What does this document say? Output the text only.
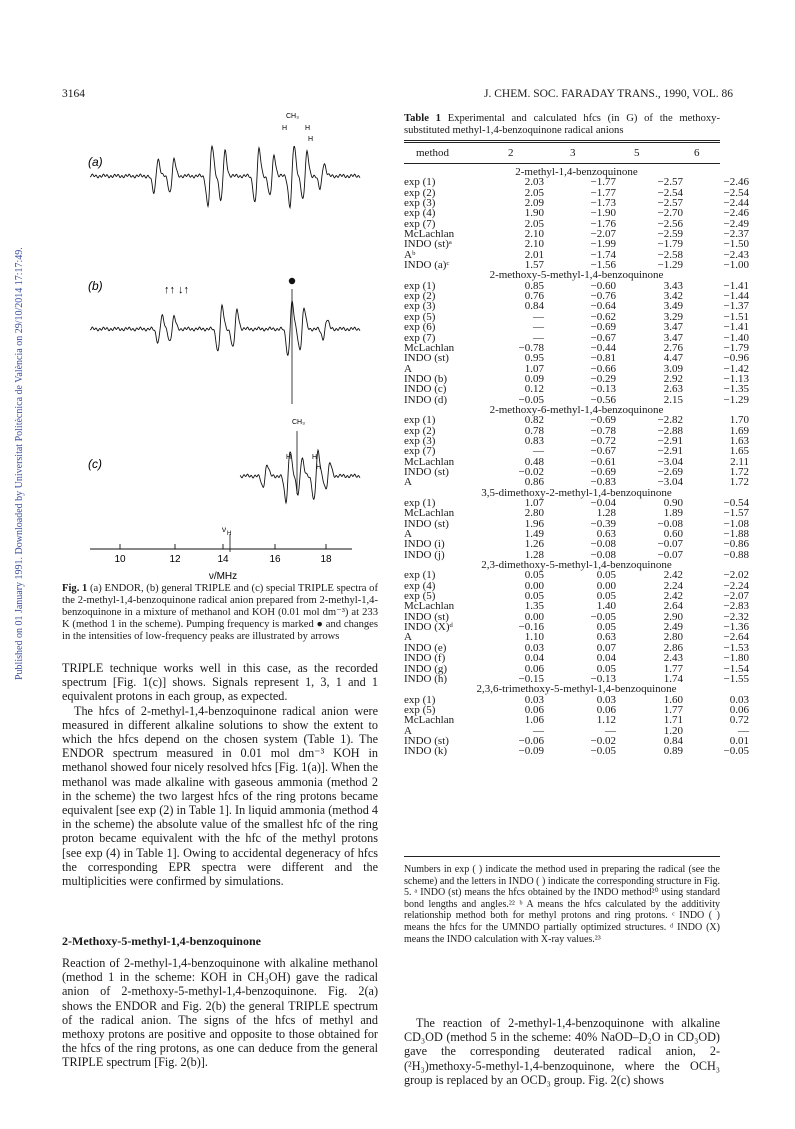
Published on 01 January 1991. Downloaded by Universitat Politècnica de València on 29/10/2014 17:17:49.
3164	J. CHEM. SOC. FARADAY TRANS., 1990, VOL. 86
(a)
(b)
(c)
CH₃
H	H
H
CH₃
H	H
H
↑↑ ↓↑
ν H
10	12	14	16	18
ν/MHz
Fig. 1 (a) ENDOR, (b) general TRIPLE and (c) special TRIPLE spectra of the 2-methyl-1,4-benzoquinone radical anion prepared from 2-methyl-1,4-benzoquinone in a mixture of methanol and KOH (0.01 mol dm⁻³) at 233 K (method 1 in the scheme). Pumping frequency is marked ● and changes in the intensities of low-frequency peaks are illustrated by arrows

TRIPLE technique works well in this case, as the recorded spectrum [Fig. 1(c)] shows. Signals represent 1, 3, 1 and 1 equivalent protons in each group, as expected.

The hfcs of 2-methyl-1,4-benzoquinone radical anion were measured in different alkaline solutions to show the extent to which the hfcs depend on the chosen system (Table 1). The ENDOR spectrum measured in 0.01 mol dm⁻³ KOH in methanol showed four nicely resolved hfcs [Fig. 1(a)]. When the methanol was made alkaline with gaseous ammonia (method 2 in the scheme) the two largest hfcs of the ring protons became equivalent [see exp (2) in Table 1]. In liquid ammonia (method 4 in the scheme) the absolute value of the smallest hfc of the ring proton became equivalent with the hfc of the methyl protons [see exp (4) in Table 1]. Owing to accidental degeneracy of hfcs the corresponding EPR spectra were different and the multiplicities were confirmed by simulations.

2-Methoxy-5-methyl-1,4-benzoquinone
Reaction of 2-methyl-1,4-benzoquinone with alkaline methanol (method 1 in the scheme: KOH in CH₃OH) gave the radical anion of 2-methoxy-5-methyl-1,4-benzoquinone. Fig. 2(a) shows the ENDOR and Fig. 2(b) the general TRIPLE spectrum of the radical anion. The signs of the hfcs of methyl and methoxy protons are positive and opposite to those obtained for the hfcs of the ring protons, as one can deduce from the general TRIPLE spectrum [Fig. 2(b)].
Table 1 Experimental and calculated hfcs (in G) of the methoxy-substituted methyl-1,4-benzoquinone radical anions
method	2	3	5	6
2-methyl-1,4-benzoquinone				
exp (1)	2.03	−1.77	−2.57	−2.46
exp (2)	2.05	−1.77	−2.54	−2.54
exp (3)	2.09	−1.73	−2.57	−2.44
exp (4)	1.90	−1.90	−2.70	−2.46
exp (7)	2.05	−1.76	−2.56	−2.49
McLachlan	2.10	−2.07	−2.59	−2.37
INDO (st)ᵃ	2.10	−1.99	−1.79	−1.50
Aᵇ	2.01	−1.74	−2.58	−2.43
INDO (a)ᶜ	1.57	−1.56	−1.29	−1.00
2-methoxy-5-methyl-1,4-benzoquinone				
exp (1)	0.85	−0.60	3.43	−1.41
exp (2)	0.76	−0.76	3.42	−1.44
exp (3)	0.84	−0.64	3.49	−1.37
exp (5)	—	−0.62	3.29	−1.51
exp (6)	—	−0.69	3.47	−1.41
exp (7)	—	−0.67	3.47	−1.40
McLachlan	−0.78	−0.44	2.76	−1.79
INDO (st)	0.95	−0.81	4.47	−0.96
A	1.07	−0.66	3.09	−1.42
INDO (b)	0.09	−0.29	2.92	−1.13
INDO (c)	0.12	−0.13	2.63	−1.35
INDO (d)	−0.05	−0.56	2.15	−1.29
2-methoxy-6-methyl-1,4-benzoquinone				
exp (1)	0.82	−0.69	−2.82	1.70
exp (2)	0.78	−0.78	−2.88	1.69
exp (3)	0.83	−0.72	−2.91	1.63
exp (7)	—	−0.67	−2.91	1.65
McLachlan	0.48	−0.61	−3.04	2.11
INDO (st)	−0.02	−0.69	−2.69	1.72
A	0.86	−0.83	−3.04	1.72
3,5-dimethoxy-2-methyl-1,4-benzoquinone				
exp (1)	1.07	−0.04	0.90	−0.54
McLachlan	2.80	1.28	1.89	−1.57
INDO (st)	1.96	−0.39	−0.08	−1.08
A	1.49	0.63	0.60	−1.88
INDO (i)	1.26	−0.08	−0.07	−0.86
INDO (j)	1.28	−0.08	−0.07	−0.88
2,3-dimethoxy-5-methyl-1,4-benzoquinone				
exp (1)	0.05	0.05	2.42	−2.02
exp (4)	0.00	0.00	2.24	−2.24
exp (5)	0.05	0.05	2.42	−2.07
McLachlan	1.35	1.40	2.64	−2.83
INDO (st)	0.00	−0.05	2.90	−2.32
INDO (X)ᵈ	−0.16	0.05	2.49	−1.36
A	1.10	0.63	2.80	−2.64
INDO (e)	0.03	0.07	2.86	−1.53
INDO (f)	0.04	0.04	2.43	−1.80
INDO (g)	0.06	0.05	1.77	−1.54
INDO (h)	−0.15	−0.13	1.74	−1.55
2,3,6-trimethoxy-5-methyl-1,4-benzoquinone				
exp (1)	0.03	0.03	1.60	0.03
exp (5)	0.06	0.06	1.77	0.06
McLachlan	1.06	1.12	1.71	0.72
A	—	—	1.20	—
INDO (st)	−0.06	−0.02	0.84	0.01
INDO (k)	−0.09	−0.05	0.89	−0.05
Numbers in exp ( ) indicate the method used in preparing the radical (see the scheme) and the letters in INDO ( ) indicate the corresponding structure in Fig. 5. ᵃ INDO (st) means the hfcs obtained by the INDO method²⁰ using standard bond lengths and angles.²² ᵇ A means the hfcs calculated by the additivity relationship method both for methyl protons and ring protons. ᶜ INDO ( ) means the hfcs for the UMNDO partially optimized structures. ᵈ INDO (X) means the INDO calculation with X-ray values.²³

The reaction of 2-methyl-1,4-benzoquinone with alkaline CD₃OD (method 5 in the scheme: 40% NaOD–D₂O in CD₃OD) gave the corresponding deuterated radical anion, 2-(²H₃)methoxy-5-methyl-1,4-benzoquinone, where the OCH₃ group is replaced by an OCD₃ group. Fig. 2(c) shows
